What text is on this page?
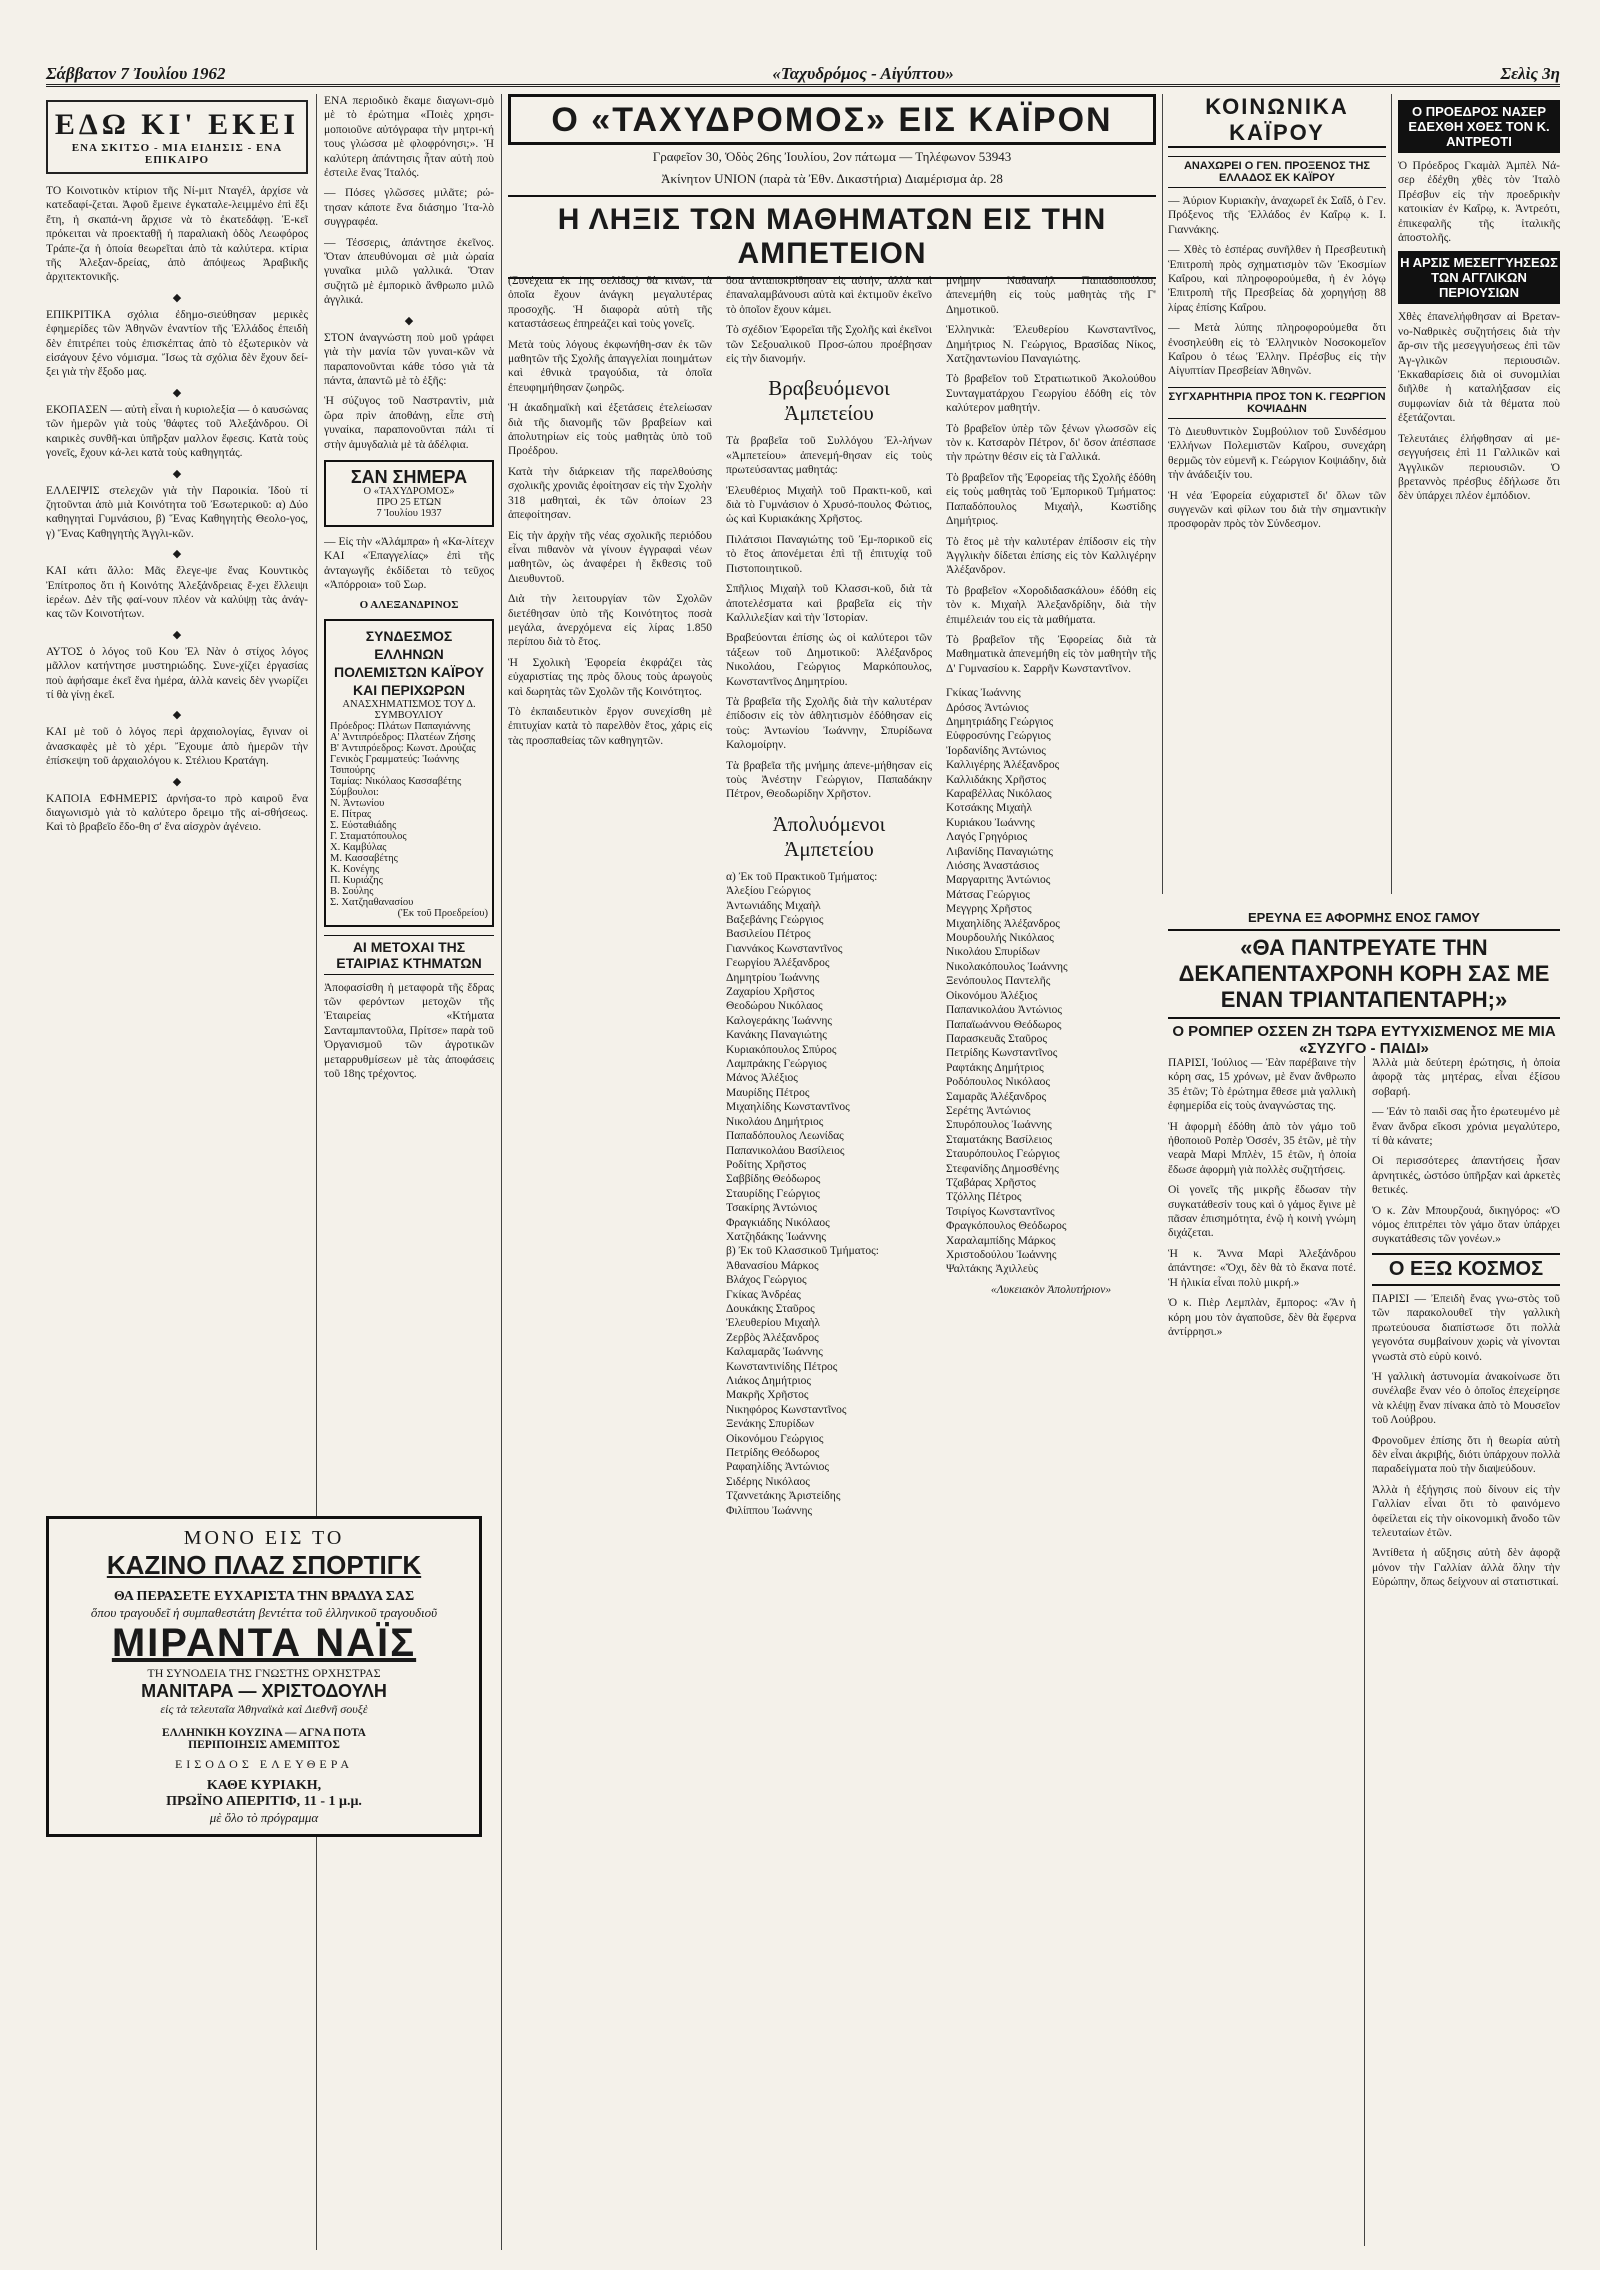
Σάββατον 7 Ἰουλίου 1962	«Ταχυδρόμος - Αἰγύπτου»	Σελὶς 3η
ΕΔΩ ΚΙ' ΕΚΕΙ
ΕΝΑ ΣΚΙΤΣΟ - ΜΙΑ ΕΙΔΗΣΙΣ - ΕΝΑ ΕΠΙΚΑΙΡΟ

ΤΟ Κοινοτικὸν κτίριον τῆς Νί-μιτ Νταγέλ, ἀρχίσε νὰ κατεδαφί-ζεται. Ἀφοῦ ἔμεινε ἐγκαταλε-λειμμένο ἐπὶ ἕξι ἔτη, ἡ σκαπά-νη ἄρχισε νὰ τὸ ἐκατεδάφῃ. Ἐ-κεῖ πρόκειται νὰ προεκταθῇ ἡ παραλιακὴ ὁδὸς Λεωφόρος Τράπε-ζα ἡ ὁποία θεωρεῖται ἀπὸ τὰ καλύτερα. κτίρια τῆς Ἀλεξαν-δρείας, ἀπὸ ἀπόψεως Ἀραβικῆς ἀρχιτεκτονικῆς.

◆

ΕΠΙΚΡΙΤΙΚΑ σχόλια ἐδημο-σιεύθησαν μερικὲς ἐφημερίδες τῶν Ἀθηνῶν ἐναντίον τῆς Ἑλλάδος ἐπειδὴ δὲν ἐπιτρέπει τοὺς ἐπισκέπτας ἀπὸ τὸ ἐξωτερικὸν νὰ εἰσάγουν ξένο νόμισμα. Ἴσως τὰ σχόλια δὲν ἔχουν δεί-ξει γιὰ τὴν ἔξοδο μας.

◆

ΕΚΟΠΑΣΕΝ — αὐτὴ εἶναι ἡ κυριολεξία — ὁ καυσώνας τῶν ἡμερῶν γιὰ τοὺς 'θάφτες τοῦ Ἀλεξάνδρου. Οἱ καιρικὲς συνθῆ-και ὑπῆρξαν μαλλον ἔφεσις. Κατὰ τοὺς γονεῖς, ἔχουν κά-λει κατὰ τοὺς καθηγητάς.

◆

ΕΛΛΕΙΨΙΣ στελεχῶν γιὰ τὴν Παροικία. Ἰδοὺ τί ζητοῦνται ἀπὸ μιὰ Κοινότητα τοῦ Ἐσωτερικοῦ: α) Δύο καθηγηταὶ Γυμνάσιου, β) Ἕνας Καθηγητὴς Θεολο-γος, γ) Ἕνας Καθηγητὴς Ἀγγλι-κῶν.

◆

ΚΑΙ κάτι ἄλλο: Μᾶς ἔλεγε-ψε ἕνας Κουντικὸς Ἐπίτροπος ὅτι ἡ Κοινότης Ἀλεξάνδρειας ἔ-χει ἕλλειψι ἱερέων. Δὲν τῆς φαί-νουν πλέον νὰ καλύψῃ τὰς ἀνάγ-κας τῶν Κοινοτήτων.

◆

ΑΥΤΟΣ ὁ λόγος τοῦ Κου Ἐλ Νὰν ὁ στίχος λόγος μᾶλλον κατήντησε μυστηριώδης. Συνε-χίζει ἐργασίας ποὺ ἀφήσαμε ἐκεῖ ἕνα ἡμέρα, ἀλλὰ κανεὶς δὲν γνωρίζει τί θὰ γίνῃ ἐκεῖ.

◆

ΚΑΙ μὲ τοῦ ὁ λόγος περὶ ἀρχαιολογίας, ἔγιναν οἱ ἀνασκαφὲς μὲ τὸ χέρι. Ἔχουμε ἀπὸ ἡμερῶν τὴν ἐπίσκεψη τοῦ ἀρχαιολόγου κ. Στέλιου Κρατάγη.

◆

ΚΑΠΟΙΑ ΕΦΗΜΕΡΙΣ ἀρνήσα-το πρὸ καιροῦ ἕνα διαγωνισμὸ γιὰ τὸ καλύτερο ὄρειμο τῆς αἰ-σθήσεως. Καὶ τὸ βραβεῖο ἔδο-θη σ' ἕνα αἰσχρὸν ἀγένειο.

ΕΝΑ περιοδικὸ ἔκαμε διαγωνι-σμὸ μὲ τὸ ἐρώτημα «Ποιὲς χρησι-μοποιοῦνε αὐτόγραφα τὴν μητρι-κή τους γλώσσα μὲ φλοφρόνησι;». Ἡ καλύτερη ἀπάντησις ἦταν αὐτὴ ποὺ ἐστειλε ἕνας Ἰταλός.

— Πόσες γλῶσσες μιλᾶτε; ρώ-τησαν κάποτε ἕνα διάσημο Ἰτα-λὸ συγγραφέα.

— Τέσσερις, ἀπάντησε ἐκεῖνος. Ὅταν ἀπευθύνομαι σὲ μιὰ ὡραία γυναῖκα μιλῶ γαλλικά. Ὅταν συζητῶ μὲ ἐμπορικὸ ἄνθρωπο μιλῶ ἀγγλικά.

◆

ΣΤΟΝ ἀναγνώστη ποὺ μοῦ γράφει γιὰ τὴν μανία τῶν γυναι-κῶν νὰ παραπονοῦνται κάθε τόσο γιὰ τὰ πάντα, ἀπαντῶ μὲ τὸ ἑξῆς:

Ἡ σύζυγος τοῦ Ναστραντὶν, μιὰ ὥρα πρὶν ἀποθάνῃ, εἶπε στὴ γυναίκα, παραπονοῦνται πάλι τί στὴν ἀμυγδαλιὰ μὲ τὰ ἀδέλφια.

ΣΑΝ ΣΗΜΕΡΑ
Ο «ΤΑΧΥΔΡΟΜΟΣ»
ΠΡΟ 25 ΕΤΩΝ
7 Ἰουλίου 1937

— Εἰς τὴν «Ἀλάμπρα» ἡ «Κα-λίτεχν ΚΑΙ «Ἐπαγγελίας» ἐπὶ τῆς ἀνταγωγῆς ἐκδίδεται τὸ τεῦχος «Ἀπόρροια» τοῦ Σωρ.

Ο ΑΛΕΞΑΝΔΡΙΝΟΣ
ΣΥΝΔΕΣΜΟΣ ΕΛΛΗΝΩΝ ΠΟΛΕΜΙΣΤΩΝ ΚΑΪΡΟΥ ΚΑΙ ΠΕΡΙΧΩΡΩΝ
ΑΝΑΣΧΗΜΑΤΙΣΜΟΣ ΤΟΥ Δ. ΣΥΜΒΟΥΛΙΟΥ
Πρόεδρος: Πλάτων Παπαγιάννης
Α' Ἀντιπρόεδρος: Πλατέων Ζήσης
Β' Ἀντιπρόεδρος: Κωνστ. Δρούζας
Γενικὸς Γραμματεύς: Ἰωάννης Τσιπούρης
Ταμίας: Νικόλαος Κασσαβέτης
Σύμβουλοι:
Ν. Ἀντωνίου
Ε. Πίτρας
Σ. Εὐσταθιάδης
Γ. Σταματόπουλος
Χ. Καμβύλας
Μ. Κασσαβέτης
Κ. Κονέγης
Π. Κυριάζης
Β. Σούλης
Σ. Χατζηαθανασίου
(Ἐκ τοῦ Προεδρείου)
ΑΙ ΜΕΤΟΧΑΙ ΤΗΣ ΕΤΑΙΡΙΑΣ ΚΤΗΜΑΤΩΝ

Ἀποφασίσθη ἡ μεταφορὰ τῆς ἕδρας τῶν φερόντων μετοχῶν τῆς Ἑταιρείας «Κτήματα Σανταμπαντοῦλα, Πρίτσε» παρὰ τοῦ Ὀργανισμοῦ τῶν ἀγροτικῶν μεταρρυθμίσεων μὲ τὰς ἀποφάσεις τοῦ 18ης τρέχοντος.

ΜΟΝΟ ΕΙΣ ΤΟ
ΚΑΖΙΝΟ ΠΛΑΖ ΣΠΟΡΤΙΓΚ
ΘΑ ΠΕΡΑΣΕΤΕ ΕΥΧΑΡΙΣΤΑ ΤΗΝ ΒΡΑΔΥΑ ΣΑΣ
ὅπου τραγουδεῖ ἡ συμπαθεστάτη βεντέττα τοῦ ἑλληνικοῦ τραγουδιοῦ
ΜΙΡΑΝΤΑ ΝΑΪΣ
ΤΗ ΣΥΝΟΔΕΙΑ ΤΗΣ ΓΝΩΣΤΗΣ ΟΡΧΗΣΤΡΑΣ
ΜΑΝΙΤΑΡΑ — ΧΡΙΣΤΟΔΟΥΛΗ
εἰς τὰ τελευταῖα Ἀθηναϊκὰ καὶ Διεθνῆ σουξὲ
ΕΛΛΗΝΙΚΗ ΚΟΥΖΙΝΑ — ΑΓΝΑ ΠΟΤΑ
ΠΕΡΙΠΟΙΗΣΙΣ ΑΜΕΜΠΤΟΣ
ΕΙΣΟΔΟΣ ΕΛΕΥΘΕΡΑ
ΚΑΘΕ ΚΥΡΙΑΚΗ,
ΠΡΩΪΝΟ ΑΠΕΡΙΤΙΦ, 11 - 1 μ.μ.
μὲ ὅλο τὸ πρόγραμμα
Ο «ΤΑΧΥΔΡΟΜΟΣ» ΕΙΣ ΚΑΪΡΟΝ
Γραφεῖον 30, Ὁδὸς 26ης Ἰουλίου, 2ον πάτωμα — Τηλέφωνον 53943
Ἀκίνητον UNION (παρὰ τὰ Ἐθν. Δικαστήρια) Διαμέρισμα ἀρ. 28
Η ΛΗΞΙΣ ΤΩΝ ΜΑΘΗΜΑΤΩΝ ΕΙΣ ΤΗΝ ΑΜΠΕΤΕΙΟΝ

(Συνέχεια ἐκ 1ης σελίδος) θὰ κινῶν, τὰ ὁποῖα ἔχουν ἀνάγκη μεγαλυτέρας προσοχῆς. Ἡ διαφορὰ αὐτὴ τῆς καταστάσεως ἐπηρεάζει καὶ τοὺς γονεῖς.

Μετὰ τοὺς λόγους ἐκφωνήθη-σαν ἐκ τῶν μαθητῶν τῆς Σχολῆς ἀπαγγελίαι ποιημάτων καὶ ἐθνικὰ τραγούδια, τὰ ὁποῖα ἐπευφημήθησαν ζωηρῶς.

Ἡ ἀκαδημαϊκὴ καὶ ἐξετάσεις ἐτελείωσαν διὰ τῆς διανομῆς τῶν βραβείων καὶ ἀπολυτηρίων εἰς τοὺς μαθητὰς ὑπὸ τοῦ Προέδρου.

Κατὰ τὴν διάρκειαν τῆς παρελθούσης σχολικῆς χρονιᾶς ἐφοίτησαν εἰς τὴν Σχολὴν 318 μαθηταὶ, ἐκ τῶν ὁποίων 23 ἀπεφοίτησαν.

Εἰς τὴν ἀρχὴν τῆς νέας σχολικῆς περιόδου εἶναι πιθανὸν νὰ γίνουν ἐγγραφαὶ νέων μαθητῶν, ὡς ἀναφέρει ἡ ἔκθεσις τοῦ Διευθυντοῦ.

Διὰ τὴν λειτουργίαν τῶν Σχολῶν διετέθησαν ὑπὸ τῆς Κοινότητος ποσὰ μεγάλα, ἀνερχόμενα εἰς λίρας 1.850 περίπου διὰ τὸ ἔτος.

Ἡ Σχολικὴ Ἐφορεία ἐκφράζει τὰς εὐχαριστίας της πρὸς ὅλους τοὺς ἀρωγοὺς καὶ δωρητὰς τῶν Σχολῶν τῆς Κοινότητος.

Τὸ ἐκπαιδευτικὸν ἔργον συνεχίσθη μὲ ἐπιτυχίαν κατὰ τὸ παρελθὸν ἔτος, χάρις εἰς τὰς προσπαθείας τῶν καθηγητῶν.

ὅσα ἀνταποκρίθησαν εἰς αὐτήν, ἀλλὰ καὶ ἐπαναλαμβάνουσι αὐτὰ καὶ ἐκτιμοῦν ἐκεῖνο τὸ ὁποῖον ἔχουν κάμει.

Τὸ σχέδιον Ἐφορεῖαι τῆς Σχολῆς καὶ ἐκεῖνοι τῶν Σεξουαλικοῦ Προσ-ώπου προέβησαν εἰς τὴν διανομήν.

Βραβευόμενοι Ἀμπετείου

Τὰ βραβεῖα τοῦ Συλλόγου Ἐλ-λήνων «Ἀμπετείου» ἀπενεμή-θησαν εἰς τοὺς πρωτεύσαντας μαθητάς:

Ἐλευθέριος Μιχαὴλ τοῦ Πρακτι-κοῦ, καὶ διὰ τὸ Γυμνάσιον ὁ Χρυσό-πουλος Φώτιος, ὡς καὶ Κυριακάκης Χρῆστος.

Πιλάτσιοι Παναγιώτης τοῦ Ἐμ-πορικοῦ εἰς τὸ ἔτος ἀπονέμεται ἐπὶ τῇ ἐπιτυχίᾳ τοῦ Πιστοποιητικοῦ.

Σπῆλιος Μιχαὴλ τοῦ Κλασσι-κοῦ, διὰ τὰ ἀποτελέσματα καὶ βραβεῖα εἰς τὴν Καλλιλεξίαν καὶ τὴν Ἱστορίαν.

Βραβεύονται ἐπίσης ὡς οἱ καλύτεροι τῶν τάξεων τοῦ Δημοτικοῦ: Ἀλέξανδρος Νικολάου, Γεώργιος Μαρκόπουλος, Κωνσταντῖνος Δημητρίου.

Τὰ βραβεῖα τῆς Σχολῆς διὰ τὴν καλυτέραν ἐπίδοσιν εἰς τὸν ἀθλητισμὸν ἐδόθησαν εἰς τοὺς: Ἀντωνίου Ἰωάννην, Σπυρίδωνα Καλομοίρην.

Τὰ βραβεῖα τῆς μνήμης ἀπενε-μήθησαν εἰς τοὺς Ἀνέστην Γεώργιον, Παπαδάκην Πέτρον, Θεοδωρίδην Χρῆστον.

Ἀπολυόμενοι Ἀμπετείου
α) Ἐκ τοῦ Πρακτικοῦ Τμήματος:
Ἀλεξίου Γεώργιος
Ἀντωνιάδης Μιχαὴλ
Βαξεβάνης Γεώργιος
Βασιλείου Πέτρος
Γιαννάκος Κωνσταντῖνος
Γεωργίου Ἀλέξανδρος
Δημητρίου Ἰωάννης
Ζαχαρίου Χρῆστος
Θεοδώρου Νικόλαος
Καλογεράκης Ἰωάννης
Κανάκης Παναγιώτης
Κυριακόπουλος Σπύρος
Λαμπράκης Γεώργιος
Μάνος Ἀλέξιος
Μαυρίδης Πέτρος
Μιχαηλίδης Κωνσταντῖνος
Νικολάου Δημήτριος
Παπαδόπουλος Λεωνίδας
Παπανικολάου Βασίλειος
Ροδίτης Χρῆστος
Σαββίδης Θεόδωρος
Σταυρίδης Γεώργιος
Τσακίρης Ἀντώνιος
Φραγκιάδης Νικόλαος
Χατζηδάκης Ἰωάννης
β) Ἐκ τοῦ Κλασσικοῦ Τμήματος:
Ἀθανασίου Μάρκος
Βλάχος Γεώργιος
Γκίκας Ἀνδρέας
Δουκάκης Σταῦρος
Ἐλευθερίου Μιχαὴλ
Ζερβὸς Ἀλέξανδρος
Καλαμαρᾶς Ἰωάννης
Κωνσταντινίδης Πέτρος
Λιάκος Δημήτριος
Μακρῆς Χρῆστος
Νικηφόρος Κωνσταντῖνος
Ξενάκης Σπυρίδων
Οἰκονόμου Γεώργιος
Πετρίδης Θεόδωρος
Ραφαηλίδης Ἀντώνιος
Σιδέρης Νικόλαος
Τζαννετάκης Ἀριστείδης
Φιλίππου Ἰωάννης

μνήμην Ναθαναὴλ Παπαδοπούλου, ἀπενεμήθη εἰς τοὺς μαθητὰς τῆς Γ' Δημοτικοῦ.

Ἑλληνικὰ: Ἐλευθερίου Κωνσταντῖνος, Δημήτριος Ν. Γεώργιος, Βρασίδας Νίκος, Χατζηαντωνίου Παναγιώτης.

Τὸ βραβεῖον τοῦ Στρατιωτικοῦ Ἀκολούθου Συνταγματάρχου Γεωργίου ἐδόθη εἰς τὸν καλύτερον μαθητήν.

Τὸ βραβεῖον ὑπὲρ τῶν ξένων γλωσσῶν εἰς τὸν κ. Κατσαρὸν Πέτρον, δι' ὅσον ἀπέσπασε τὴν πρώτην θέσιν εἰς τὰ Γαλλικά.

Τὸ βραβεῖον τῆς Ἐφορείας τῆς Σχολῆς ἐδόθη εἰς τοὺς μαθητὰς τοῦ Ἐμπορικοῦ Τμήματος: Παπαδόπουλος Μιχαὴλ, Κωστίδης Δημήτριος.

Τὸ ἔτος μὲ τὴν καλυτέραν ἐπίδοσιν εἰς τὴν Ἀγγλικὴν δίδεται ἐπίσης εἰς τὸν Καλλιγέρην Ἀλέξανδρον.

Τὸ βραβεῖον «Χοροδιδασκάλου» ἐδόθη εἰς τὸν κ. Μιχαὴλ Ἀλεξανδρίδην, διὰ τὴν ἐπιμέλειάν του εἰς τὰ μαθήματα.

Τὸ βραβεῖον τῆς Ἐφορείας διὰ τὰ Μαθηματικὰ ἀπενεμήθη εἰς τὸν μαθητὴν τῆς Δ' Γυμνασίου κ. Σαρρῆν Κωνσταντῖνον.

Γκίκας Ἰωάννης
Δρόσος Ἀντώνιος
Δημητριάδης Γεώργιος
Εὐφροσύνης Γεώργιος
Ἰορδανίδης Ἀντώνιος
Καλλιγέρης Ἀλέξανδρος
Καλλιδάκης Χρῆστος
Καραβέλλας Νικόλαος
Κοτσάκης Μιχαὴλ
Κυριάκου Ἰωάννης
Λαγός Γρηγόριος
Λιβανίδης Παναγιώτης
Λιόσης Ἀναστάσιος
Μαργαριτης Ἀντώνιος
Μάτσας Γεώργιος
Μεγγρης Χρῆστος
Μιχαηλίδης Ἀλέξανδρος
Μουρδουλής Νικόλαος
Νικολάου Σπυρίδων
Νικολακόπουλος Ἰωάννης
Ξενόπουλος Παντελῆς
Οἰκονόμου Ἀλέξιος
Παπανικολάου Ἀντώνιος
Παπαϊωάννου Θεόδωρος
Παρασκευᾶς Σταῦρος
Πετρίδης Κωνσταντῖνος
Ραφτάκης Δημήτριος
Ροδόπουλος Νικόλαος
Σαμαρᾶς Ἀλέξανδρος
Σερέτης Ἀντώνιος
Σπυρόπουλος Ἰωάννης
Σταματάκης Βασίλειος
Σταυρόπουλος Γεώργιος
Στεφανίδης Δημοσθένης
Τζαβάρας Χρῆστος
Τζόλλης Πέτρος
Τσιρίγος Κωνσταντῖνος
Φραγκόπουλος Θεόδωρος
Χαραλαμπίδης Μάρκος
Χριστοδούλου Ἰωάννης
Ψαλτάκης Ἀχιλλεὺς
«Λυκειακὸν Ἀπολυτήριον»
ΚΟΙΝΩΝΙΚΑ ΚΑΪΡΟΥ
ΑΝΑΧΩΡΕΙ Ο ΓΕΝ. ΠΡΟΞΕΝΟΣ ΤΗΣ ΕΛΛΑΔΟΣ ΕΚ ΚΑΪΡΟΥ

— Ἀύριον Κυριακὴν, ἀναχωρεῖ ἐκ Σαΐδ, ὁ Γεν. Πρόξενος τῆς Ἑλλάδος ἐν Καΐρῳ κ. Ι. Γιαννάκης.

— Χθὲς τὸ ἑσπέρας συνῆλθεν ἡ Πρεσβευτικὴ Ἑπιτροπὴ πρὸς σχηματισμὸν τῶν Ἐκοσμίων Καΐρου, καὶ πληροφορούμεθα, ἡ ἐν λόγῳ Ἐπιτροπὴ τῆς Πρεσβείας δὰ χορηγήσῃ 88 λίρας ἐπίσης Καΐρου.

— Μετὰ λύπης πληροφορούμεθα ὅτι ἐνοσηλεύθη εἰς τὸ Ἑλληνικὸν Νοσοκομεῖον Καΐρου ὁ τέως Ἐλλην. Πρέσβυς εἰς τὴν Αἰγυπτίαν Πρεσβείαν Ἀθηνῶν.

ΣΥΓΧΑΡΗΤΗΡΙΑ ΠΡΟΣ ΤΟΝ Κ. ΓΕΩΡΓΙΟΝ ΚΟΨΙΑΔΗΝ

Τὸ Διευθυντικὸν Συμβούλιον τοῦ Συνδέσμου Ἑλλήνων Πολεμιστῶν Καΐρου, συνεχάρη θερμῶς τὸν εὐμενῆ κ. Γεώργιον Κοψιάδην, διὰ τὴν ἀνάδειξίν του.

Ἡ νέα Ἐφορεία εὐχαριστεῖ δι' ὅλων τῶν συγγενῶν καὶ φίλων του διὰ τὴν σημαντικὴν προσφορὰν πρὸς τὸν Σύνδεσμον.

Ο ΠΡΟΕΔΡΟΣ ΝΑΣΕΡ ΕΔΕΧΘΗ ΧΘΕΣ ΤΟΝ Κ. ΑΝΤΡΕΟΤΙ

Ὁ Πρόεδρος Γκαμὰλ Ἀμπὲλ Νά-σερ ἐδέχθη χθὲς τὸν Ἰταλὸ Πρέσβυν εἰς τὴν προεδρικὴν κατοικίαν ἐν Καΐρῳ, κ. Ἀντρεότι, ἐπικεφαλῆς τῆς ἰταλικῆς ἀποστολῆς.

Η ΑΡΣΙΣ ΜΕΣΕΓΓΥΗΣΕΩΣ ΤΩΝ ΑΓΓΛΙΚΩΝ ΠΕΡΙΟΥΣΙΩΝ

Χθὲς ἐπανελήφθησαν αἱ Βρεταν-νο-Ναθρικὲς συζητήσεις διὰ τὴν ἄρ-σιν τῆς μεσεγγυήσεως ἐπὶ τῶν Ἀγ-γλικῶν περιουσιῶν. Ἐκκαθαρίσεις διὰ οἱ συνομιλίαι διῆλθε ἡ καταλήξασαν εἰς συμφωνίαν διὰ τὰ θέματα ποὺ ἐξετάζονται.

Τελευτάιες ἐλήφθησαν αἱ με-σεγγυήσεις ἐπὶ 11 Γαλλικῶν καὶ Ἀγγλικῶν περιουσιῶν. Ὁ βρεταννὸς πρέσβυς ἐδήλωσε ὅτι δὲν ὑπάρχει πλέον ἐμπόδιον.

ΕΡΕΥΝΑ ΕΞ ΑΦΟΡΜΗΣ ΕΝΟΣ ΓΑΜΟΥ
«ΘΑ ΠΑΝΤΡΕΥΑΤΕ ΤΗΝ ΔΕΚΑΠΕΝΤΑΧΡΟΝΗ ΚΟΡΗ ΣΑΣ ΜΕ ΕΝΑΝ ΤΡΙΑΝΤΑΠΕΝΤΑΡΗ;»
Ο ΡΟΜΠΕΡ ΟΣΣΕΝ ΖΗ ΤΩΡΑ ΕΥΤΥΧΙΣΜΕΝΟΣ ΜΕ ΜΙΑ «ΣΥΖΥΓΟ - ΠΑΙΔΙ»

ΠΑΡΙΣΙ, Ἰούλιος — Ἐὰν παρέβαινε τὴν κόρη σας, 15 χρόνων, μὲ ἕναν ἄνθρωπο 35 ἐτῶν; Τὸ ἐρώτημα ἔθεσε μιὰ γαλλικὴ ἐφημερίδα εἰς τοὺς ἀναγνώστας της.

Ἡ ἀφορμὴ ἐδόθη ἀπὸ τὸν γάμο τοῦ ἠθοποιοῦ Ροπὲρ Ὀσσέν, 35 ἐτῶν, μὲ τὴν νεαρὰ Μαρὶ Μπλὲν, 15 ἐτῶν, ἡ ὁποία ἔδωσε ἀφορμὴ γιὰ πολλὲς συζητήσεις.

Οἱ γονεῖς τῆς μικρῆς ἔδωσαν τὴν συγκατάθεσίν τους καὶ ὁ γάμος ἔγινε μὲ πᾶσαν ἐπισημότητα, ἐνῷ ἡ κοινὴ γνώμη διχάζεται.

Ἡ κ. Ἄννα Μαρὶ Ἀλεξάνδρου ἀπάντησε: «Ὄχι, δὲν θὰ τὸ ἔκανα ποτέ. Ἡ ἡλικία εἶναι πολὺ μικρή.»

Ὁ κ. Πιὲρ Λεμπλὰν, ἔμπορος: «Ἂν ἡ κόρη μου τὸν ἀγαποῦσε, δὲν θὰ ἔφερνα ἀντίρρησι.»

Ἀλλὰ μιὰ δεύτερη ἐρώτησις, ἡ ὁποία ἀφορᾷ τὰς μητέρας, εἶναι ἐξίσου σοβαρή.

— Ἐάν τὸ παιδὶ σας ἦτο ἐρωτευμένο μὲ ἕναν ἄνδρα εἴκοσι χρόνια μεγαλύτερο, τί θὰ κάνατε;

Οἱ περισσότερες ἀπαντήσεις ἦσαν ἀρνητικές, ὡστόσο ὑπῆρξαν καὶ ἀρκετὲς θετικές.

Ὁ κ. Ζὰν Μπουρζουά, δικηγόρος: «Ὁ νόμος ἐπιτρέπει τὸν γάμο ὅταν ὑπάρχει συγκατάθεσις τῶν γονέων.»

Ο ΕΞΩ ΚΟΣΜΟΣ

ΠΑΡΙΣΙ — Ἐπειδὴ ἕνας γνω-στὸς τοῦ τῶν παρακολουθεῖ τὴν γαλλικὴ πρωτεύουσα διαπίστωσε ὅτι πολλὰ γεγονότα συμβαίνουν χωρὶς νὰ γίνονται γνωστὰ στὸ εὐρὺ κοινό.

Ἡ γαλλικὴ ἀστυνομία ἀνακοίνωσε ὅτι συνέλαβε ἕναν νέο ὁ ὁποῖος ἐπεχείρησε νὰ κλέψῃ ἕναν πίνακα ἀπὸ τὸ Μουσεῖον τοῦ Λούβρου.

Φρονοῦμεν ἐπίσης ὅτι ἡ θεωρία αὐτὴ δὲν εἶναι ἀκριβής, διότι ὑπάρχουν πολλὰ παραδείγματα ποὺ τὴν διαψεύδουν.

Ἀλλὰ ἡ ἐξήγησις ποὺ δίνουν εἰς τὴν Γαλλίαν εἶναι ὅτι τὸ φαινόμενο ὀφείλεται εἰς τὴν οἰκονομικὴ ἄνοδο τῶν τελευταίων ἐτῶν.

Ἀντίθετα ἡ αὔξησις αὐτὴ δὲν ἀφορᾷ μόνον τὴν Γαλλίαν ἀλλὰ ὅλην τὴν Εὐρώπην, ὅπως δείχνουν αἱ στατιστικαί.
